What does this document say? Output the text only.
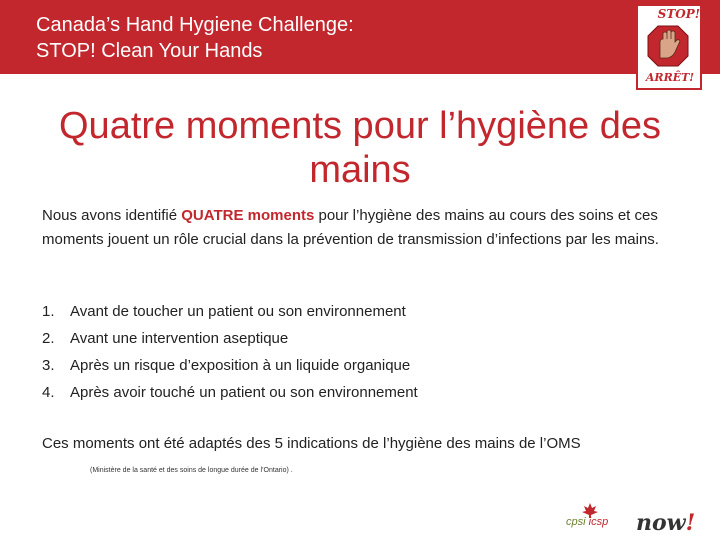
Canada’s Hand Hygiene Challenge:
STOP! Clean Your Hands
STOP!
ARRÊT!
Quatre moments pour l’hygiène des mains
Nous avons identifié QUATRE moments pour l’hygiène des mains au cours des soins et ces moments jouent un rôle crucial dans la prévention de transmission d’infections par les mains.
1. Avant de toucher un patient ou son environnement
2. Avant une intervention aseptique
3. Après un risque d’exposition à un liquide organique
4. Après avoir touché un patient ou son environnement
Ces moments ont été adaptés des 5 indications de l’hygiène des mains de l’OMS
(Ministère de la santé et des soins de longue durée de l’Ontario) .
cpsi icsp now!
